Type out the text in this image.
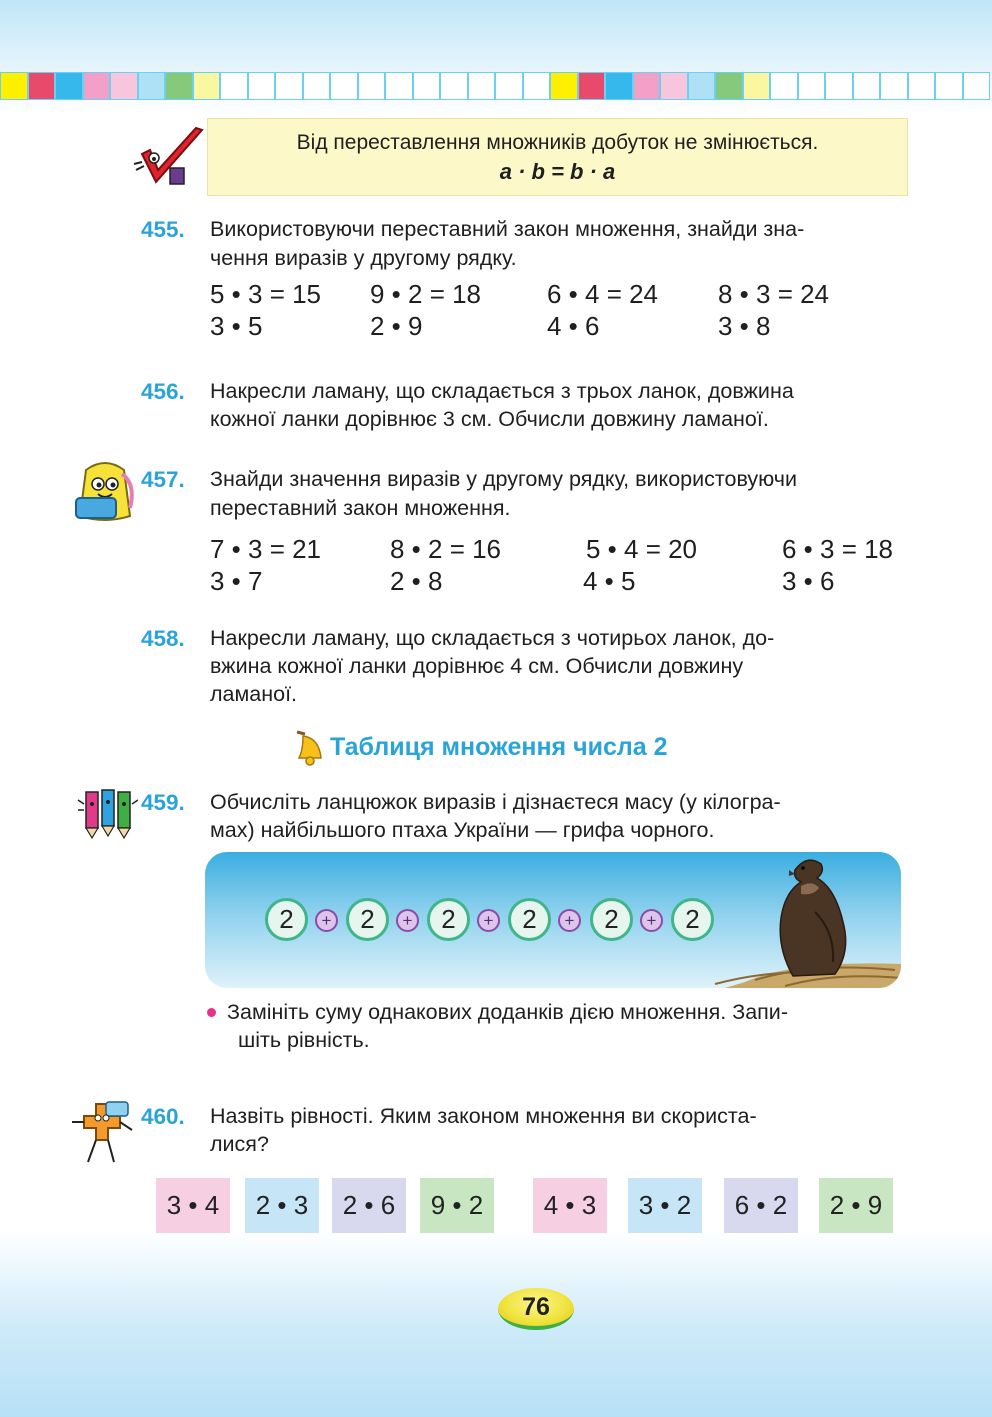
Від переставлення множників добуток не змінюється.
a · b = b · a
455. Використовуючи переставний закон множення, знайди зна-
чення виразів у другому рядку.
5 • 3 = 15 9 • 2 = 18	6 • 4 = 24 8 • 3 = 24
3 • 5	2 • 9	4 • 6	3 • 8
456. Накресли ламану, що складається з трьох ланок, довжина
кожної ланки дорівнює 3 см. Обчисли довжину ламаної.
457. Знайди значення виразів у другому рядку, використовуючи
переставний закон множення.
7 • 3 = 21	8 • 2 = 16	5 • 4 = 20	6 • 3 = 18
3 • 7	2 • 8	4 • 5	3 • 6
458. Накресли ламану, що складається з чотирьох ланок, до-
вжина кожної ланки дорівнює 4 см. Обчисли довжину
ламаної.
Таблиця множення числа 2
459. Обчисліть ланцюжок виразів і дізнаєтеся масу (у кілогра-
мах) найбільшого птаха України — грифа чорного.
2	+	2	+	2	+	2	+	2	+	2
Замініть суму однакових доданків дією множення. Запи-
шіть рівність.
460. Назвіть рівності. Яким законом множення ви скориста-
лися?
3 • 4	2 • 3	2 • 6	9 • 2	4 • 3	3 • 2	6 • 2	2 • 9
76
